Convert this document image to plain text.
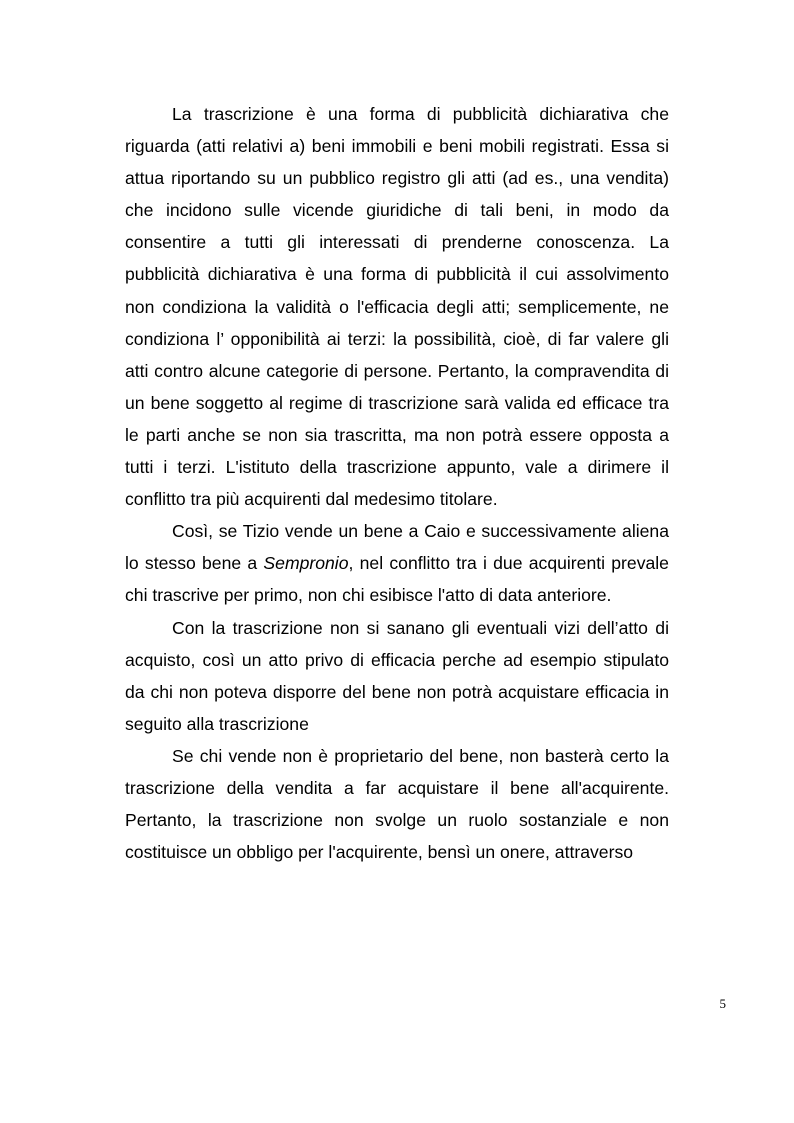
La trascrizione è una forma di pubblicità dichiarativa che riguarda (atti relativi a) beni immobili e beni mobili registrati. Essa si attua riportando su un pubblico registro gli atti (ad es., una vendita) che incidono sulle vicende giuridiche di tali beni, in modo da consentire a tutti gli interessati di prenderne conoscenza. La pubblicità dichiarativa è una forma di pubblicità il cui assolvimento non condiziona la validità o l'efficacia degli atti; semplicemente, ne condiziona l’ opponibilità ai terzi: la possibilità, cioè, di far valere gli atti contro alcune categorie di persone. Pertanto, la compravendita di un bene soggetto al regime di trascrizione sarà valida ed efficace tra le parti anche se non sia trascritta, ma non potrà essere opposta a tutti i terzi. L'istituto della trascrizione appunto, vale a dirimere il conflitto tra più acquirenti dal medesimo titolare.

Così, se Tizio vende un bene a Caio e successivamente aliena lo stesso bene a Sempronio, nel conflitto tra i due acquirenti prevale chi trascrive per primo, non chi esibisce l'atto di data anteriore.

Con la trascrizione non si sanano gli eventuali vizi dell’atto di acquisto, così un atto privo di efficacia perche ad esempio stipulato da chi non poteva disporre del bene non potrà acquistare efficacia in seguito alla trascrizione

Se chi vende non è proprietario del bene, non basterà certo la trascrizione della vendita a far acquistare il bene all'acquirente. Pertanto, la trascrizione non svolge un ruolo sostanziale e non costituisce un obbligo per l'acquirente, bensì un onere, attraverso

5
